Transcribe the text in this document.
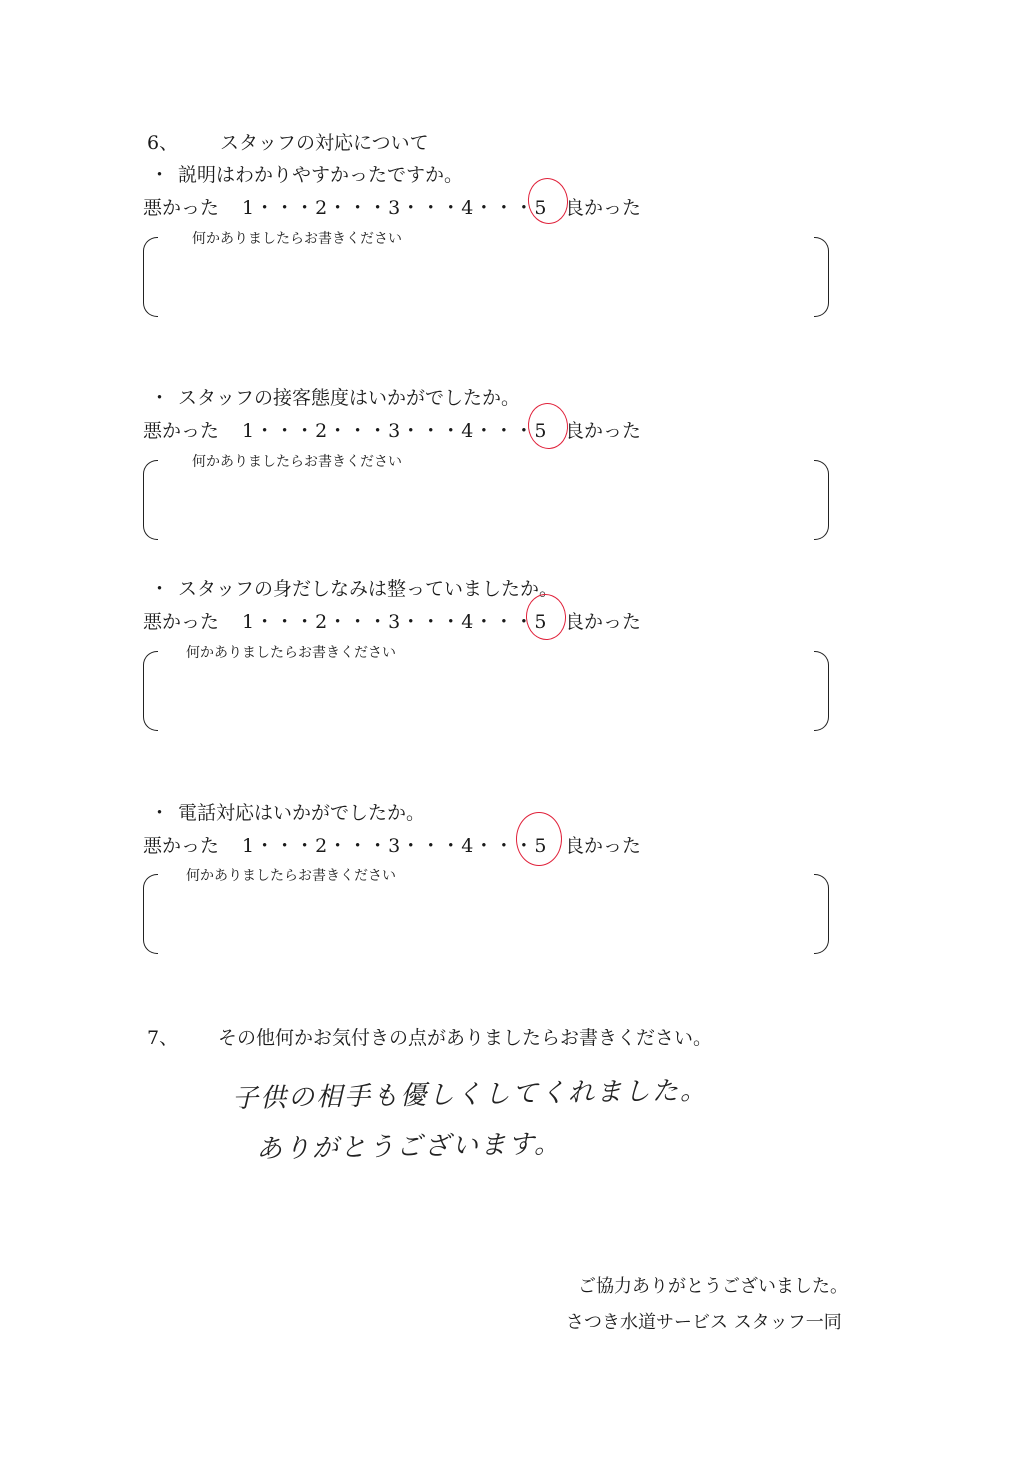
6、 スタッフの対応について
・ 説明はわかりやすかったですか。
悪かった 1・・・2・・・3・・・4・・・5 良かった
何かありましたらお書きください
・ スタッフの接客態度はいかがでしたか。
悪かった 1・・・2・・・3・・・4・・・5 良かった
何かありましたらお書きください
・ スタッフの身だしなみは整っていましたか。
悪かった 1・・・2・・・3・・・4・・・5 良かった
何かありましたらお書きください
・ 電話対応はいかがでしたか。
悪かった 1・・・2・・・3・・・4・・・5 良かった
何かありましたらお書きください
7、 その他何かお気付きの点がありましたらお書きください。
子供の相手も優しくしてくれました。
ありがとうございます。
ご協力ありがとうございました。
さつき水道サービス スタッフ一同
